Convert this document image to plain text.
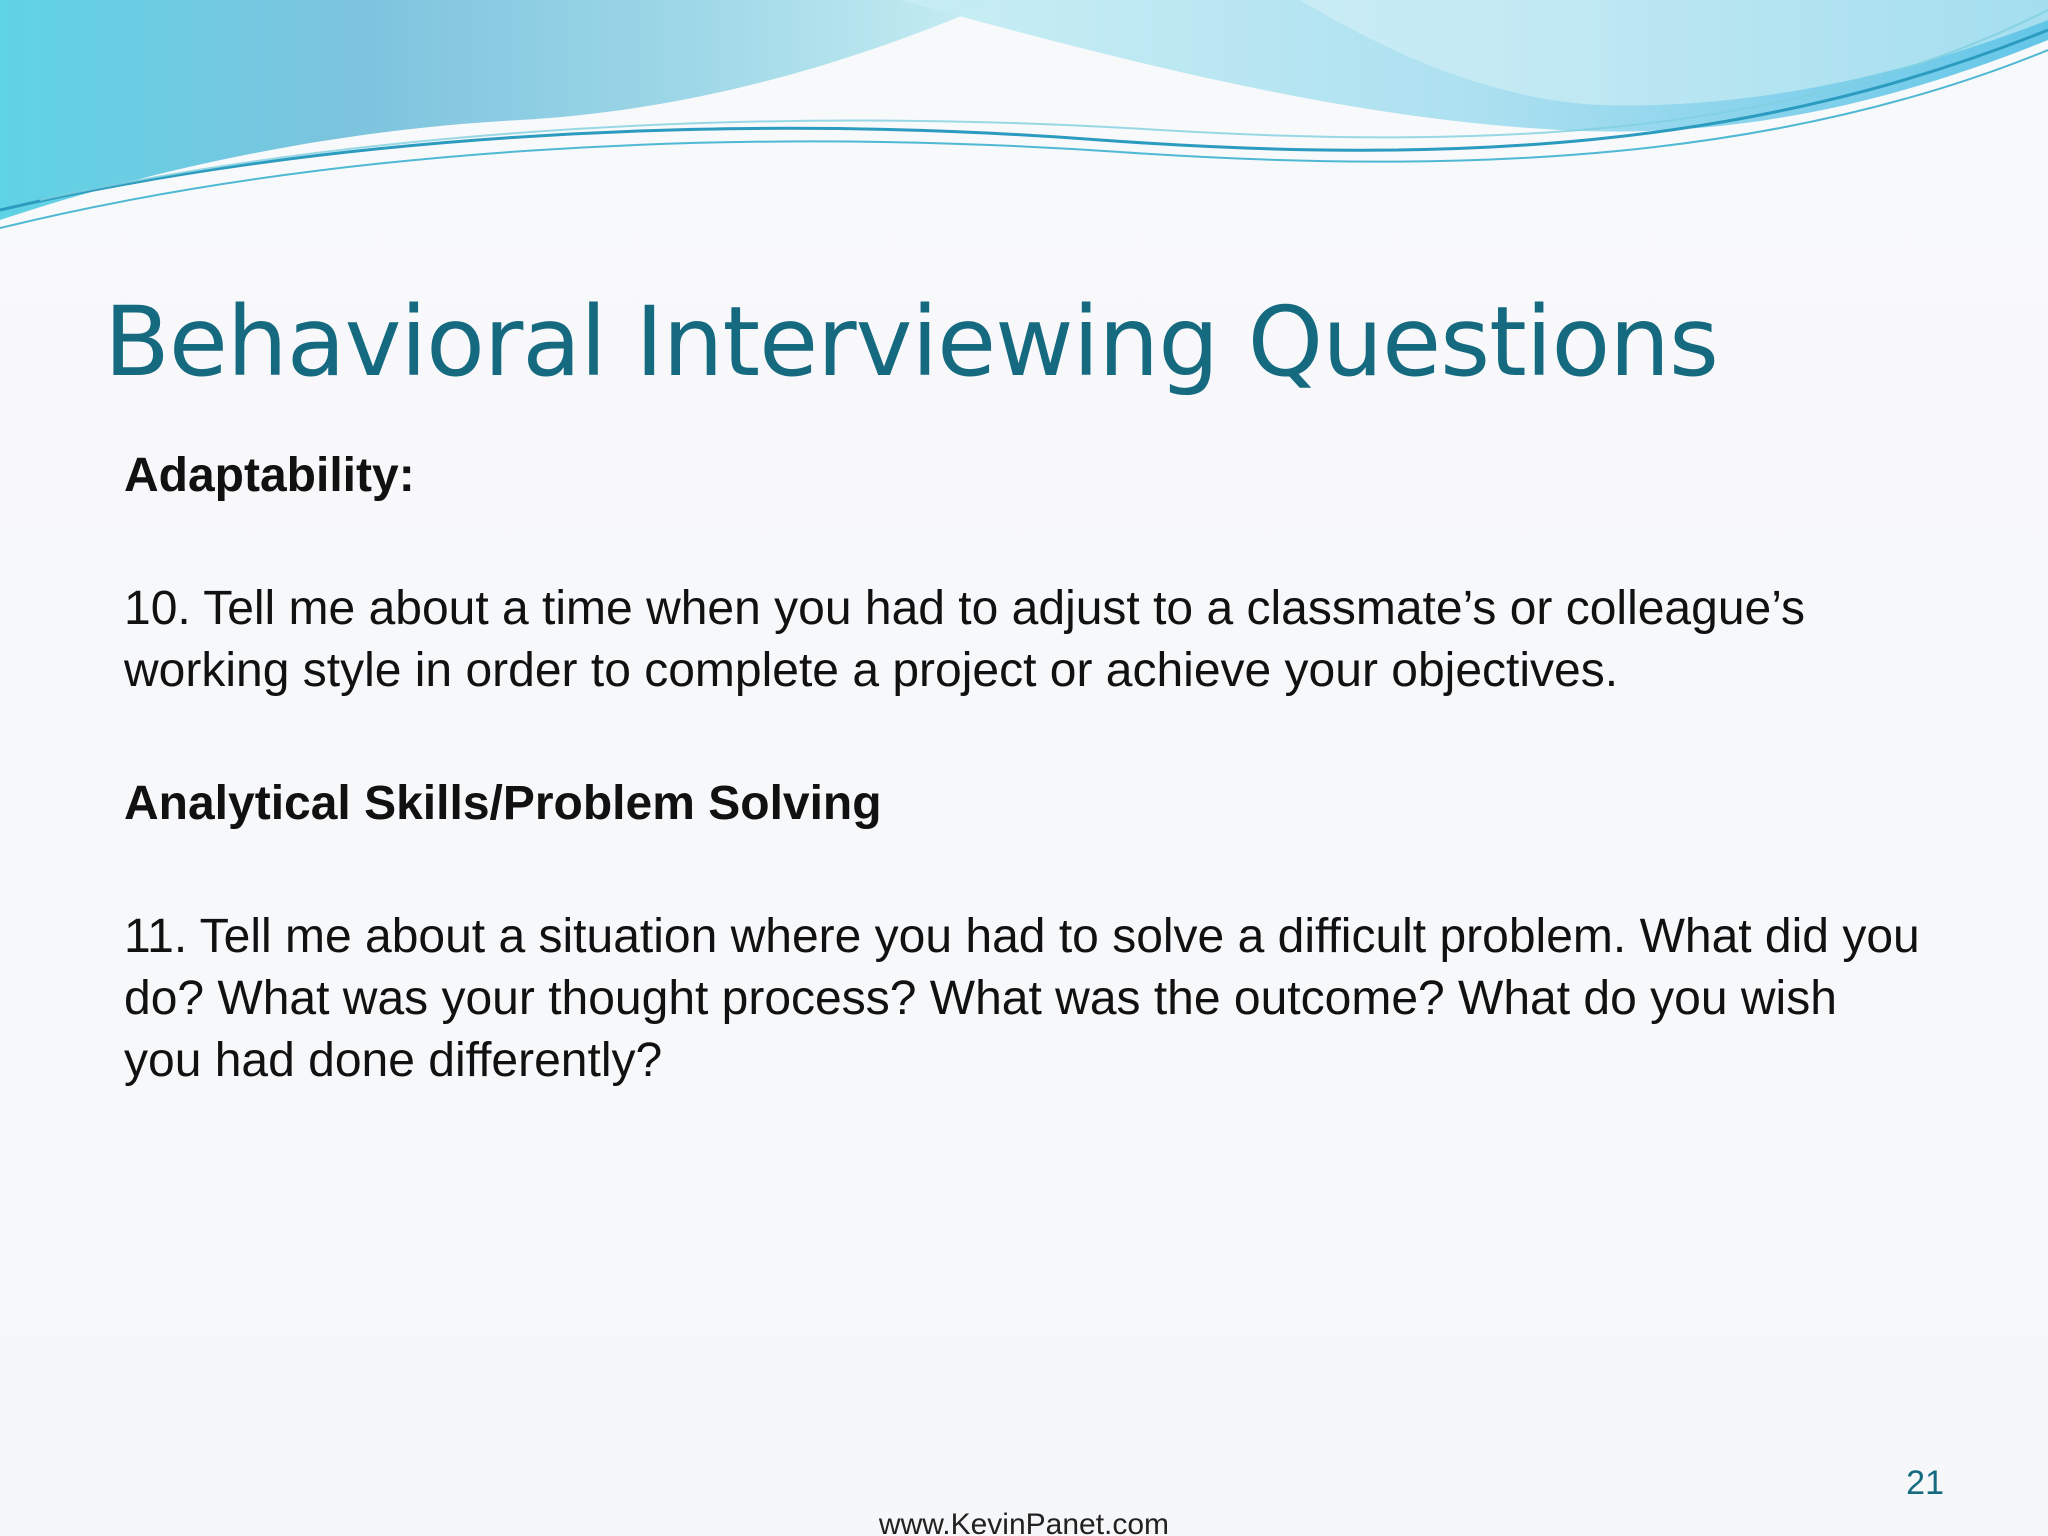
Behavioral Interviewing Questions

Adaptability:

10. Tell me about a time when you had to adjust to a classmate’s or colleague’s working style in order to complete a project or achieve your objectives.

Analytical Skills/Problem Solving

11. Tell me about a situation where you had to solve a difficult problem. What did you do? What was your thought process? What was the outcome? What do you wish you had done differently?

21
www.KevinPanet.com
